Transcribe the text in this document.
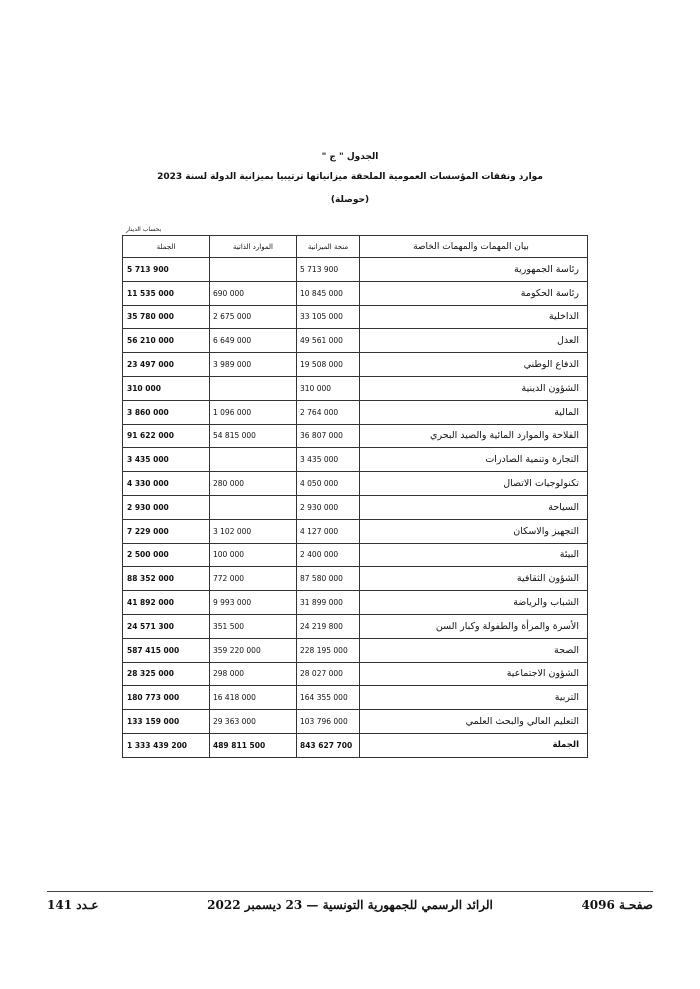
الجدول " ج "
موارد ونفقات المؤسسات العمومية الملحقة ميزانياتها ترتيبيا بميزانية الدولة لسنة 2023
(حوصلة)
بحساب الدينار
الجملة	الموارد الذاتية	منحة الميزانية	بيان المهمات والمهمات الخاصة
5 713 900		5 713 900	رئاسة الجمهورية
11 535 000	690 000	10 845 000	رئاسة الحكومة
35 780 000	2 675 000	33 105 000	الداخلية
56 210 000	6 649 000	49 561 000	العدل
23 497 000	3 989 000	19 508 000	الدفاع الوطني
310 000		310 000	الشؤون الدينية
3 860 000	1 096 000	2 764 000	المالية
91 622 000	54 815 000	36 807 000	الفلاحة والموارد المائية والصيد البحري
3 435 000		3 435 000	التجارة وتنمية الصادرات
4 330 000	280 000	4 050 000	تكنولوجيات الاتصال
2 930 000		2 930 000	السياحة
7 229 000	3 102 000	4 127 000	التجهيز والاسكان
2 500 000	100 000	2 400 000	البيئة
88 352 000	772 000	87 580 000	الشؤون الثقافية
41 892 000	9 993 000	31 899 000	الشباب والرياضة
24 571 300	351 500	24 219 800	الأسرة والمرأة والطفولة وكبار السن
587 415 000	359 220 000	228 195 000	الصحة
28 325 000	298 000	28 027 000	الشؤون الاجتماعية
180 773 000	16 418 000	164 355 000	التربية
133 159 000	29 363 000	103 796 000	التعليم العالي والبحث العلمي
1 333 439 200	489 811 500	843 627 700	الجملة
عـدد 141	الرائد الرسمي للجمهورية التونسية — 23 ديسمبر 2022	صفحـة 4096
